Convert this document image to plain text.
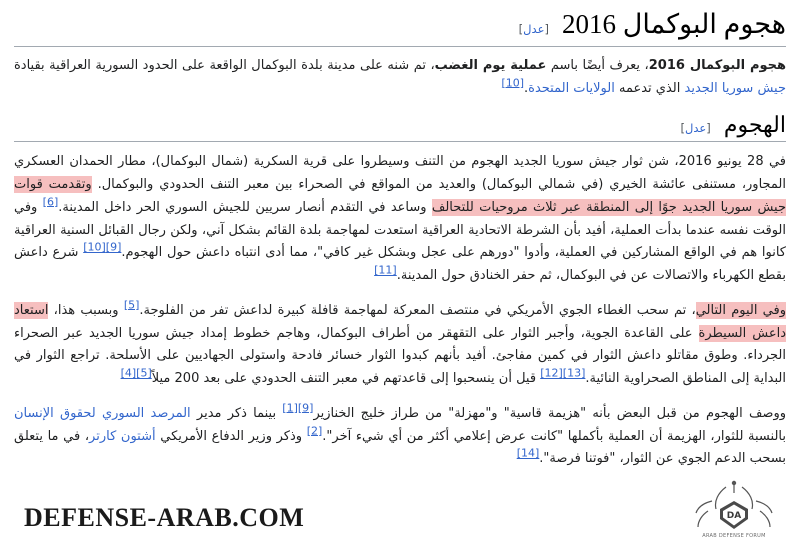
هجوم البوكمال 2016 [عدل]

هجوم البوكمال 2016، يعرف أيضًا باسم عملية يوم الغضب، تم شنه على مدينة بلدة البوكمال الواقعة على الحدود السورية العراقية بقيادة جيش سوريا الجديد الذي تدعمه الولايات المتحدة.[10]

الهجوم [عدل]

في 28 يونيو 2016، شن ثوار جيش سوريا الجديد الهجوم من التنف وسيطروا على قرية السكرية (شمال البوكمال)، مطار الحمدان العسكري المجاور، مستنفى عائشة الخيري (في شمالي البوكمال) والعديد من المواقع في الصحراء بين معبر التنف الحدودي والبوكمال. وتقدمت قوات جيش سوريا الجديد جوًا إلى المنطقة عبر ثلاث مروحيات للتحالف وساعد في التقدم أنصار سريين للجيش السوري الحر داخل المدينة.[6] وفي الوقت نفسه عندما بدأت العملية، أفيد بأن الشرطة الاتحادية العراقية استعدت لمهاجمة بلدة القائم بشكل آني، ولكن رجال القبائل السنية العراقية كانوا هم في الواقع المشاركين في العملية، وأدوا "دورهم على عجل وبشكل غير كافي"، مما أدى انتباه داعش حول الهجوم.[10][9] شرع داعش بقطع الكهرباء والاتصالات عن في البوكمال، ثم حفر الخنادق حول المدينة.[11]

وفي اليوم التالي، تم سحب الغطاء الجوي الأمريكي في منتصف المعركة لمهاجمة قافلة كبيرة لداعش تفر من الفلوجة.[5] وبسبب هذا، استعاد داعش السيطرة على القاعدة الجوية، وأجبر الثوار على التقهقر من أطراف البوكمال، وهاجم خطوط إمداد جيش سوريا الجديد عبر الصحراء الجرداء. وطوق مقاتلو داعش الثوار في كمين مفاجئ. أفيد بأنهم كبدوا الثوار خسائر فادحة واستولى الجهاديين على الأسلحة. تراجع الثوار في البداية إلى المناطق الصحراوية النائية.[12][13] قيل أن ينسحبوا إلى قاعدتهم في معبر التنف الحدودي على بعد 200 ميلاً[4][5]

ووصف الهجوم من قبل البعض بأنه "هزيمة قاسية" و"مهزلة" من طراز خليج الخنازير[1][9] بينما ذكر مدير المرصد السوري لحقوق الإنسان بالنسبة للثوار، الهزيمة أن العملية بأكملها "كانت عرض إعلامي أكثر من أي شيء آخر".[2] وذكر وزير الدفاع الأمريكي أشتون كارتر، في ما يتعلق بسحب الدعم الجوي عن الثوار، "فوتنا فرصة".[14]

DEFENSE-ARAB.COM	DA
ARAB DEFENSE FORUM
